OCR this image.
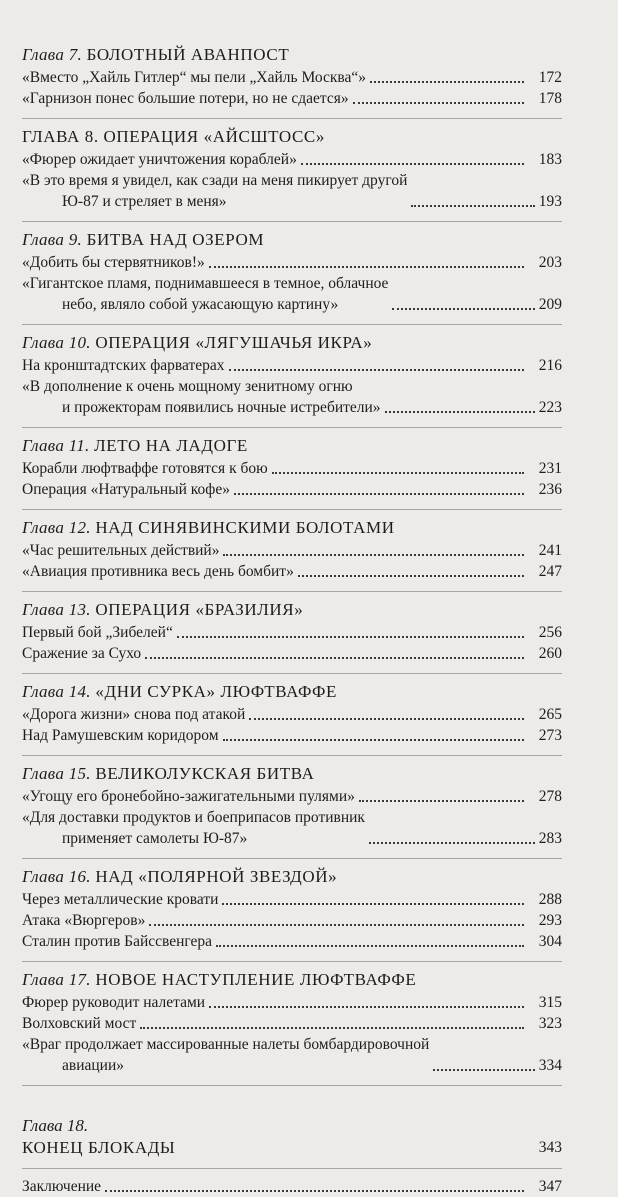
Глава 7. БОЛОТНЫЙ АВАНПОСТ
«Вместо „Хайль Гитлер“ мы пели „Хайль Москва“»	172
«Гарнизон понес большие потери, но не сдается»	178
ГЛАВА 8. ОПЕРАЦИЯ «АЙСШТОСС»
«Фюрер ожидает уничтожения кораблей»	183
«В это время я увидел, как сзади на меня пикирует другой
Ю-87 и стреляет в меня»	193
Глава 9. БИТВА НАД ОЗЕРОМ
«Добить бы стервятников!»	203
«Гигантское пламя, поднимавшееся в темное, облачное
небо, являло собой ужасающую картину»	209
Глава 10. ОПЕРАЦИЯ «ЛЯГУШАЧЬЯ ИКРА»
На кронштадтских фарватерах	216
«В дополнение к очень мощному зенитному огню
и прожекторам появились ночные истребители»	223
Глава 11. ЛЕТО НА ЛАДОГЕ
Корабли люфтваффе готовятся к бою	231
Операция «Натуральный кофе»	236
Глава 12. НАД СИНЯВИНСКИМИ БОЛОТАМИ
«Час решительных действий»	241
«Авиация противника весь день бомбит»	247
Глава 13. ОПЕРАЦИЯ «БРАЗИЛИЯ»
Первый бой „Зибелей“	256
Сражение за Сухо	260
Глава 14. «ДНИ СУРКА» ЛЮФТВАФФЕ
«Дорога жизни» снова под атакой	265
Над Рамушевским коридором	273
Глава 15. ВЕЛИКОЛУКСКАЯ БИТВА
«Угощу его бронебойно-зажигательными пулями»	278
«Для доставки продуктов и боеприпасов противник
применяет самолеты Ю-87»	283
Глава 16. НАД «ПОЛЯРНОЙ ЗВЕЗДОЙ»
Через металлические кровати	288
Атака «Вюргеров»	293
Сталин против Байссвенгера	304
Глава 17. НОВОЕ НАСТУПЛЕНИЕ ЛЮФТВАФФЕ
Фюрер руководит налетами	315
Волховский мост	323
«Враг продолжает массированные налеты бомбардировочной
авиации»	334

Глава 18.
КОНЕЦ БЛОКАДЫ	343
Заключение	347
